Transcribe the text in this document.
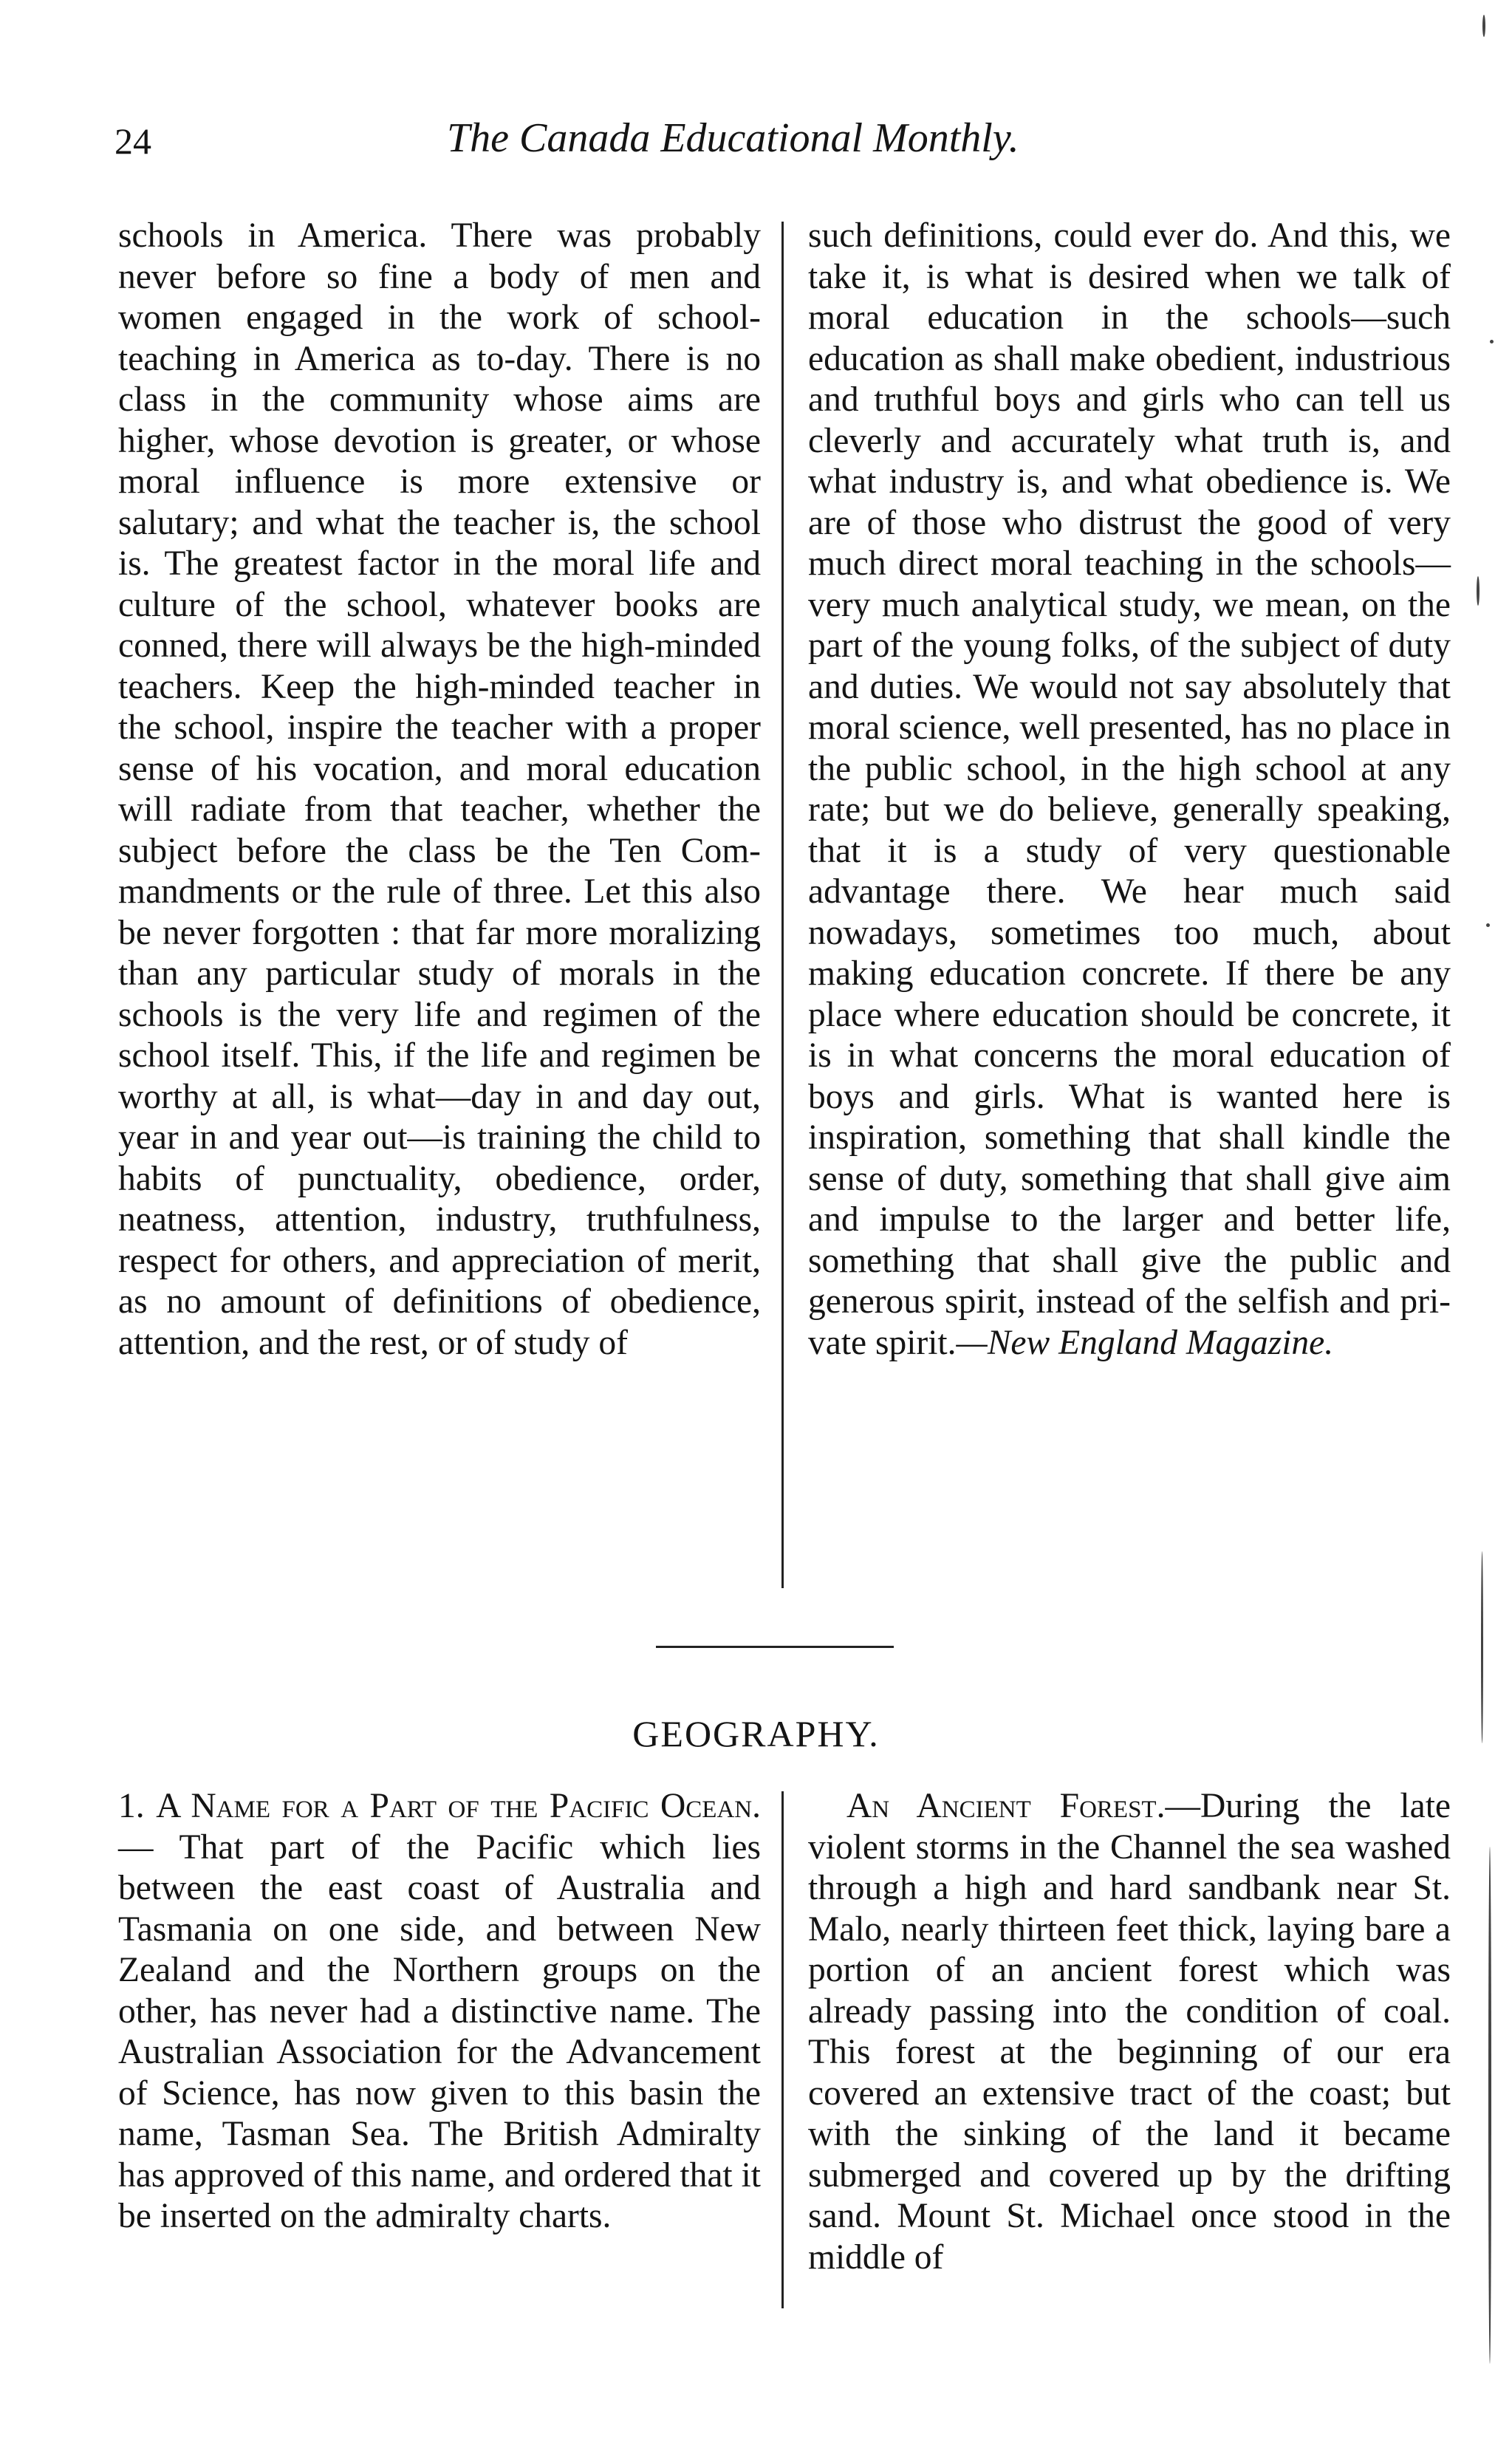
24	The Canada Educational Monthly.

schools in America. There was probably never before so fine a body of men and women engaged in the work of school-teaching in America as to-day. There is no class in the community whose aims are higher, whose devotion is greater, or whose moral influence is more extensive or salutary; and what the teacher is, the school is. The greatest factor in the moral life and culture of the school, whatever books are conned, there will always be the high-minded teachers. Keep the high-minded teacher in the school, inspire the teacher with a proper sense of his vocation, and moral education will radiate from that teacher, whether the subject before the class be the Ten Commandments or the rule of three. Let this also be never forgotten : that far more moralizing than any particular study of morals in the schools is the very life and regimen of the school itself. This, if the life and regimen be worthy at all, is what—day in and day out, year in and year out—is training the child to habits of punctuality, obedience, order, neatness, attention, industry, truthfulness, respect for others, and appreciation of merit, as no amount of definitions of obedience, attention, and the rest, or of study of

such definitions, could ever do. And this, we take it, is what is desired when we talk of moral education in the schools—such education as shall make obedient, industrious and truthful boys and girls who can tell us cleverly and accurately what truth is, and what industry is, and what obedience is. We are of those who distrust the good of very much direct moral teaching in the schools—very much analytical study, we mean, on the part of the young folks, of the subject of duty and duties. We would not say absolutely that moral science, well presented, has no place in the public school, in the high school at any rate; but we do believe, generally speaking, that it is a study of very questionable advantage there. We hear much said nowadays, sometimes too much, about making education concrete. If there be any place where education should be concrete, it is in what concerns the moral education of boys and girls. What is wanted here is inspiration, something that shall kindle the sense of duty, something that shall give aim and impulse to the larger and better life, something that shall give the public and generous spirit, instead of the selfish and private spirit.—New England Magazine.

GEOGRAPHY.

1. A Name for a Part of the Pacific Ocean. — That part of the Pacific which lies between the east coast of Australia and Tasmania on one side, and between New Zealand and the Northern groups on the other, has never had a distinctive name. The Australian Association for the Advancement of Science, has now given to this basin the name, Tasman Sea. The British Admiralty has approved of this name, and ordered that it be inserted on the admiralty charts.

An Ancient Forest.—During the late violent storms in the Channel the sea washed through a high and hard sandbank near St. Malo, nearly thirteen feet thick, laying bare a portion of an ancient forest which was already passing into the condition of coal. This forest at the beginning of our era covered an extensive tract of the coast; but with the sinking of the land it became submerged and covered up by the drifting sand. Mount St. Michael once stood in the middle of
